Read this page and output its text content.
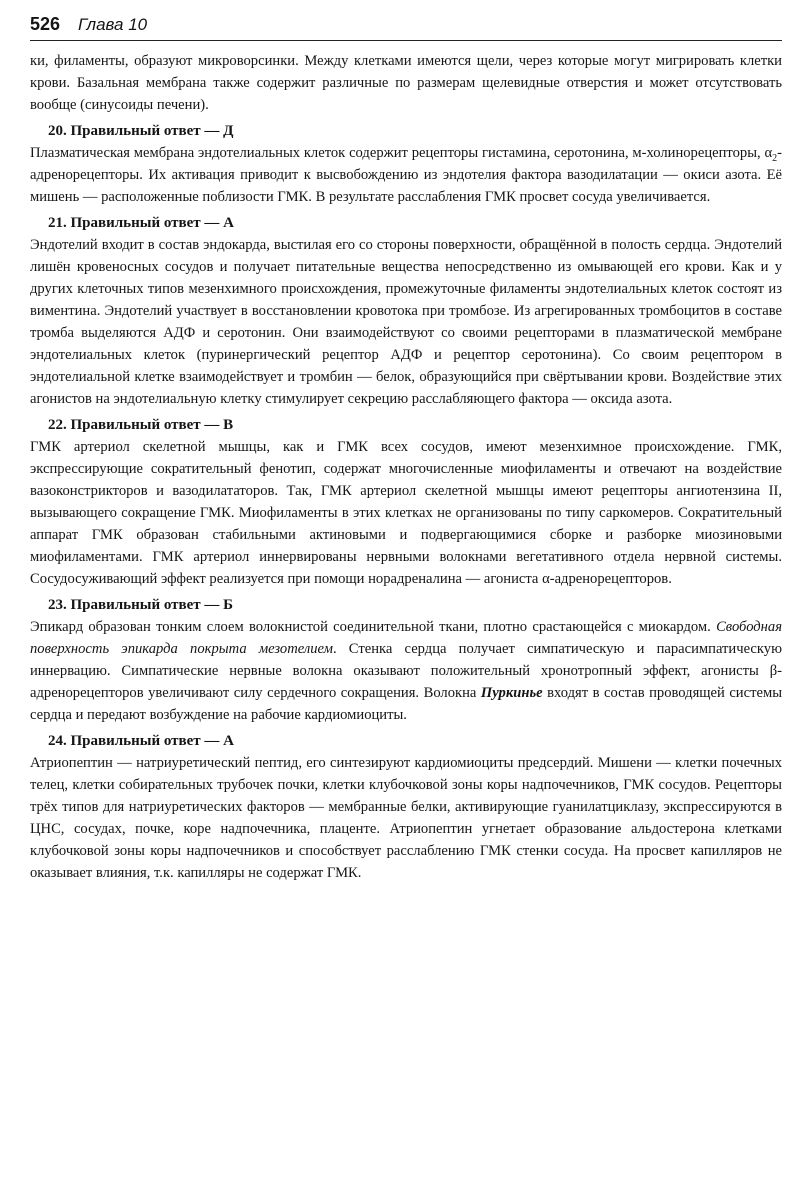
526 Глава 10

ки, филаменты, образуют микроворсинки. Между клетками имеются щели, через которые могут мигрировать клетки крови. Базальная мембрана также содержит различные по размерам щелевидные отверстия и может отсутствовать вообще (синусоиды печени).

20. Правильный ответ — Д

Плазматическая мембрана эндотелиальных клеток содержит рецепторы гистамина, серотонина, м-холинорецепторы, $\alpha_2$-адренорецепторы. Их активация приводит к высвобождению из эндотелия фактора вазодилатации — окиси азота. Её мишень — расположенные поблизости ГМК. В результате расслабления ГМК просвет сосуда увеличивается.

21. Правильный ответ — А

Эндотелий входит в состав эндокарда, выстилая его со стороны поверхности, обращённой в полость сердца. Эндотелий лишён кровеносных сосудов и получает питательные вещества непосредственно из омывающей его крови. Как и у других клеточных типов мезенхимного происхождения, промежуточные филаменты эндотелиальных клеток состоят из виментина. Эндотелий участвует в восстановлении кровотока при тромбозе. Из агрегированных тромбоцитов в составе тромба выделяются АДФ и серотонин. Они взаимодействуют со своими рецепторами в плазматической мембране эндотелиальных клеток (пуринергический рецептор АДФ и рецептор серотонина). Со своим рецептором в эндотелиальной клетке взаимодействует и тромбин — белок, образующийся при свёртывании крови. Воздействие этих агонистов на эндотелиальную клетку стимулирует секрецию расслабляющего фактора — оксида азота.

22. Правильный ответ — В

ГМК артериол скелетной мышцы, как и ГМК всех сосудов, имеют мезенхимное происхождение. ГМК, экспрессирующие сократительный фенотип, содержат многочисленные миофиламенты и отвечают на воздействие вазоконстрикторов и вазодилататоров. Так, ГМК артериол скелетной мышцы имеют рецепторы ангиотензина II, вызывающего сокращение ГМК. Миофиламенты в этих клетках не организованы по типу саркомеров. Сократительный аппарат ГМК образован стабильными актиновыми и подвергающимися сборке и разборке миозиновыми миофиламентами. ГМК артериол иннервированы нервными волокнами вегетативного отдела нервной системы. Сосудосуживающий эффект реализуется при помощи норадреналина — агониста α-адренорецепторов.

23. Правильный ответ — Б

Эпикард образован тонким слоем волокнистой соединительной ткани, плотно срастающейся с миокардом. Свободная поверхность эпикарда покрыта мезотелием. Стенка сердца получает симпатическую и парасимпатическую иннервацию. Симпатические нервные волокна оказывают положительный хронотропный эффект, агонисты β-адренорецепторов увеличивают силу сердечного сокращения. Волокна Пуркинье входят в состав проводящей системы сердца и передают возбуждение на рабочие кардиомиоциты.

24. Правильный ответ — А

Атриопептин — натриуретический пептид, его синтезируют кардиомиоциты предсердий. Мишени — клетки почечных телец, клетки собирательных трубочек почки, клетки клубочковой зоны коры надпочечников, ГМК сосудов. Рецепторы трёх типов для натриуретических факторов — мембранные белки, активирующие гуанилатциклазу, экспрессируются в ЦНС, сосудах, почке, коре надпочечника, плаценте. Атриопептин угнетает образование альдостерона клетками клубочковой зоны коры надпочечников и способствует расслаблению ГМК стенки сосуда. На просвет капилляров не оказывает влияния, т.к. капилляры не содержат ГМК.
